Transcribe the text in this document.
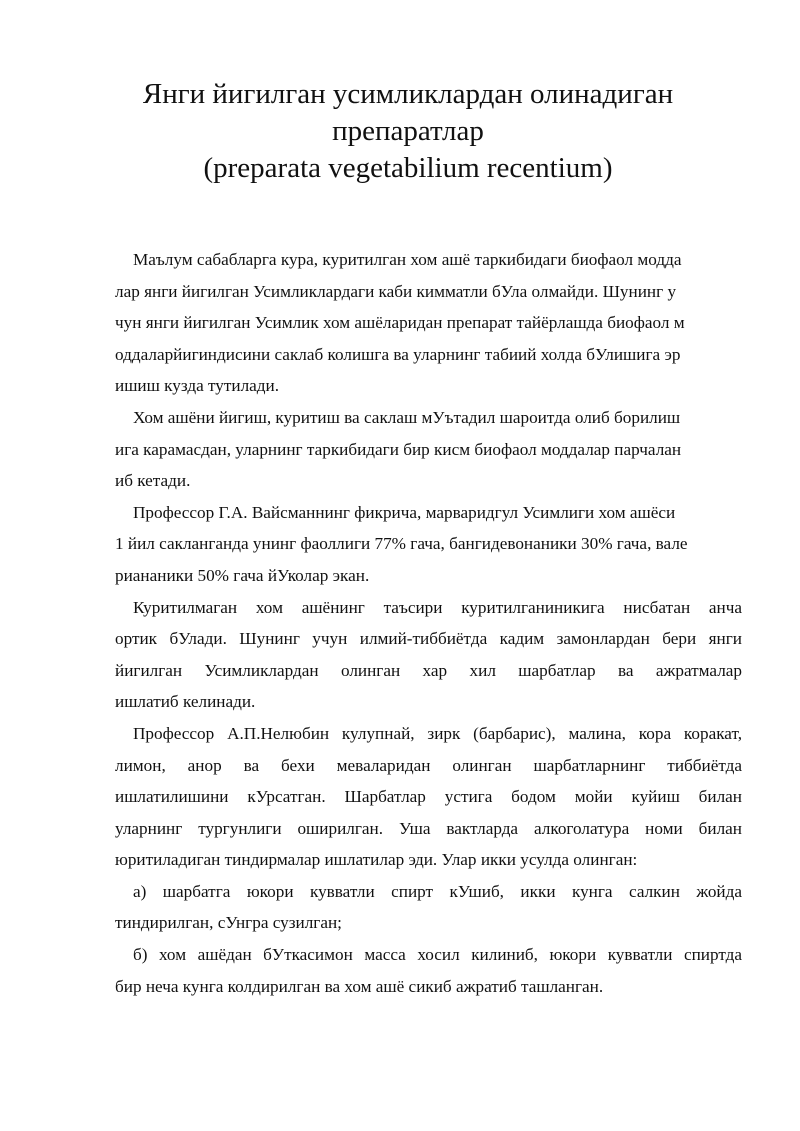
Янги йигилган усимликлардан олинадиган
препаратлар
(preparata vegetabilium recentium)
Маълум сабабларга кура, куритилган хом ашё таркибидаги биофаол модда
лар янги йигилган Усимликлардаги каби кимматли бУла олмайди. Шунинг у
чун янги йигилган Усимлик хом ашёларидан препарат тайёрлашда биофаол м
оддаларйигиндисини саклаб колишга ва уларнинг табиий холда бУлишига эр
ишиш кузда тутилади.
Хом ашёни йигиш, куритиш ва саклаш мУътадил шароитда олиб борилиш
ига карамасдан, уларнинг таркибидаги бир кисм биофаол моддалар парчалан
иб кетади.
Профессор Г.А. Вайсманнинг фикрича, марваридгул Усимлиги хом ашёси
1 йил сакланганда унинг фаоллиги 77% гача, бангидевонаники 30% гача, вале
риананики 50% гача йУколар экан.
Куритилмаган хом ашёнинг таъсири куритилганиникига нисбатан анча
ортик бУлади. Шунинг учун илмий-тиббиётда кадим замонлардан бери янги
йигилган Усимликлардан олинган хар хил шарбатлар ва ажратмалар
ишлатиб келинади.
Профессор А.П.Нелюбин кулупнай, зирк (барбарис), малина, кора коракат,
лимон, анор ва бехи меваларидан олинган шарбатларнинг тиббиётда
ишлатилишини кУрсатган. Шарбатлар устига бодом мойи куйиш билан
уларнинг тургунлиги оширилган. Уша вактларда алкоголатура номи билан
юритиладиган тиндирмалар ишлатилар эди. Улар икки усулда олинган:
а) шарбатга юкори кувватли спирт кУшиб, икки кунга салкин жойда
тиндирилган, сУнгра сузилган;
б) хом ашёдан бУткасимон масса хосил килиниб, юкори кувватли спиртда
бир неча кунга колдирилган ва хом ашё сикиб ажратиб ташланган.
